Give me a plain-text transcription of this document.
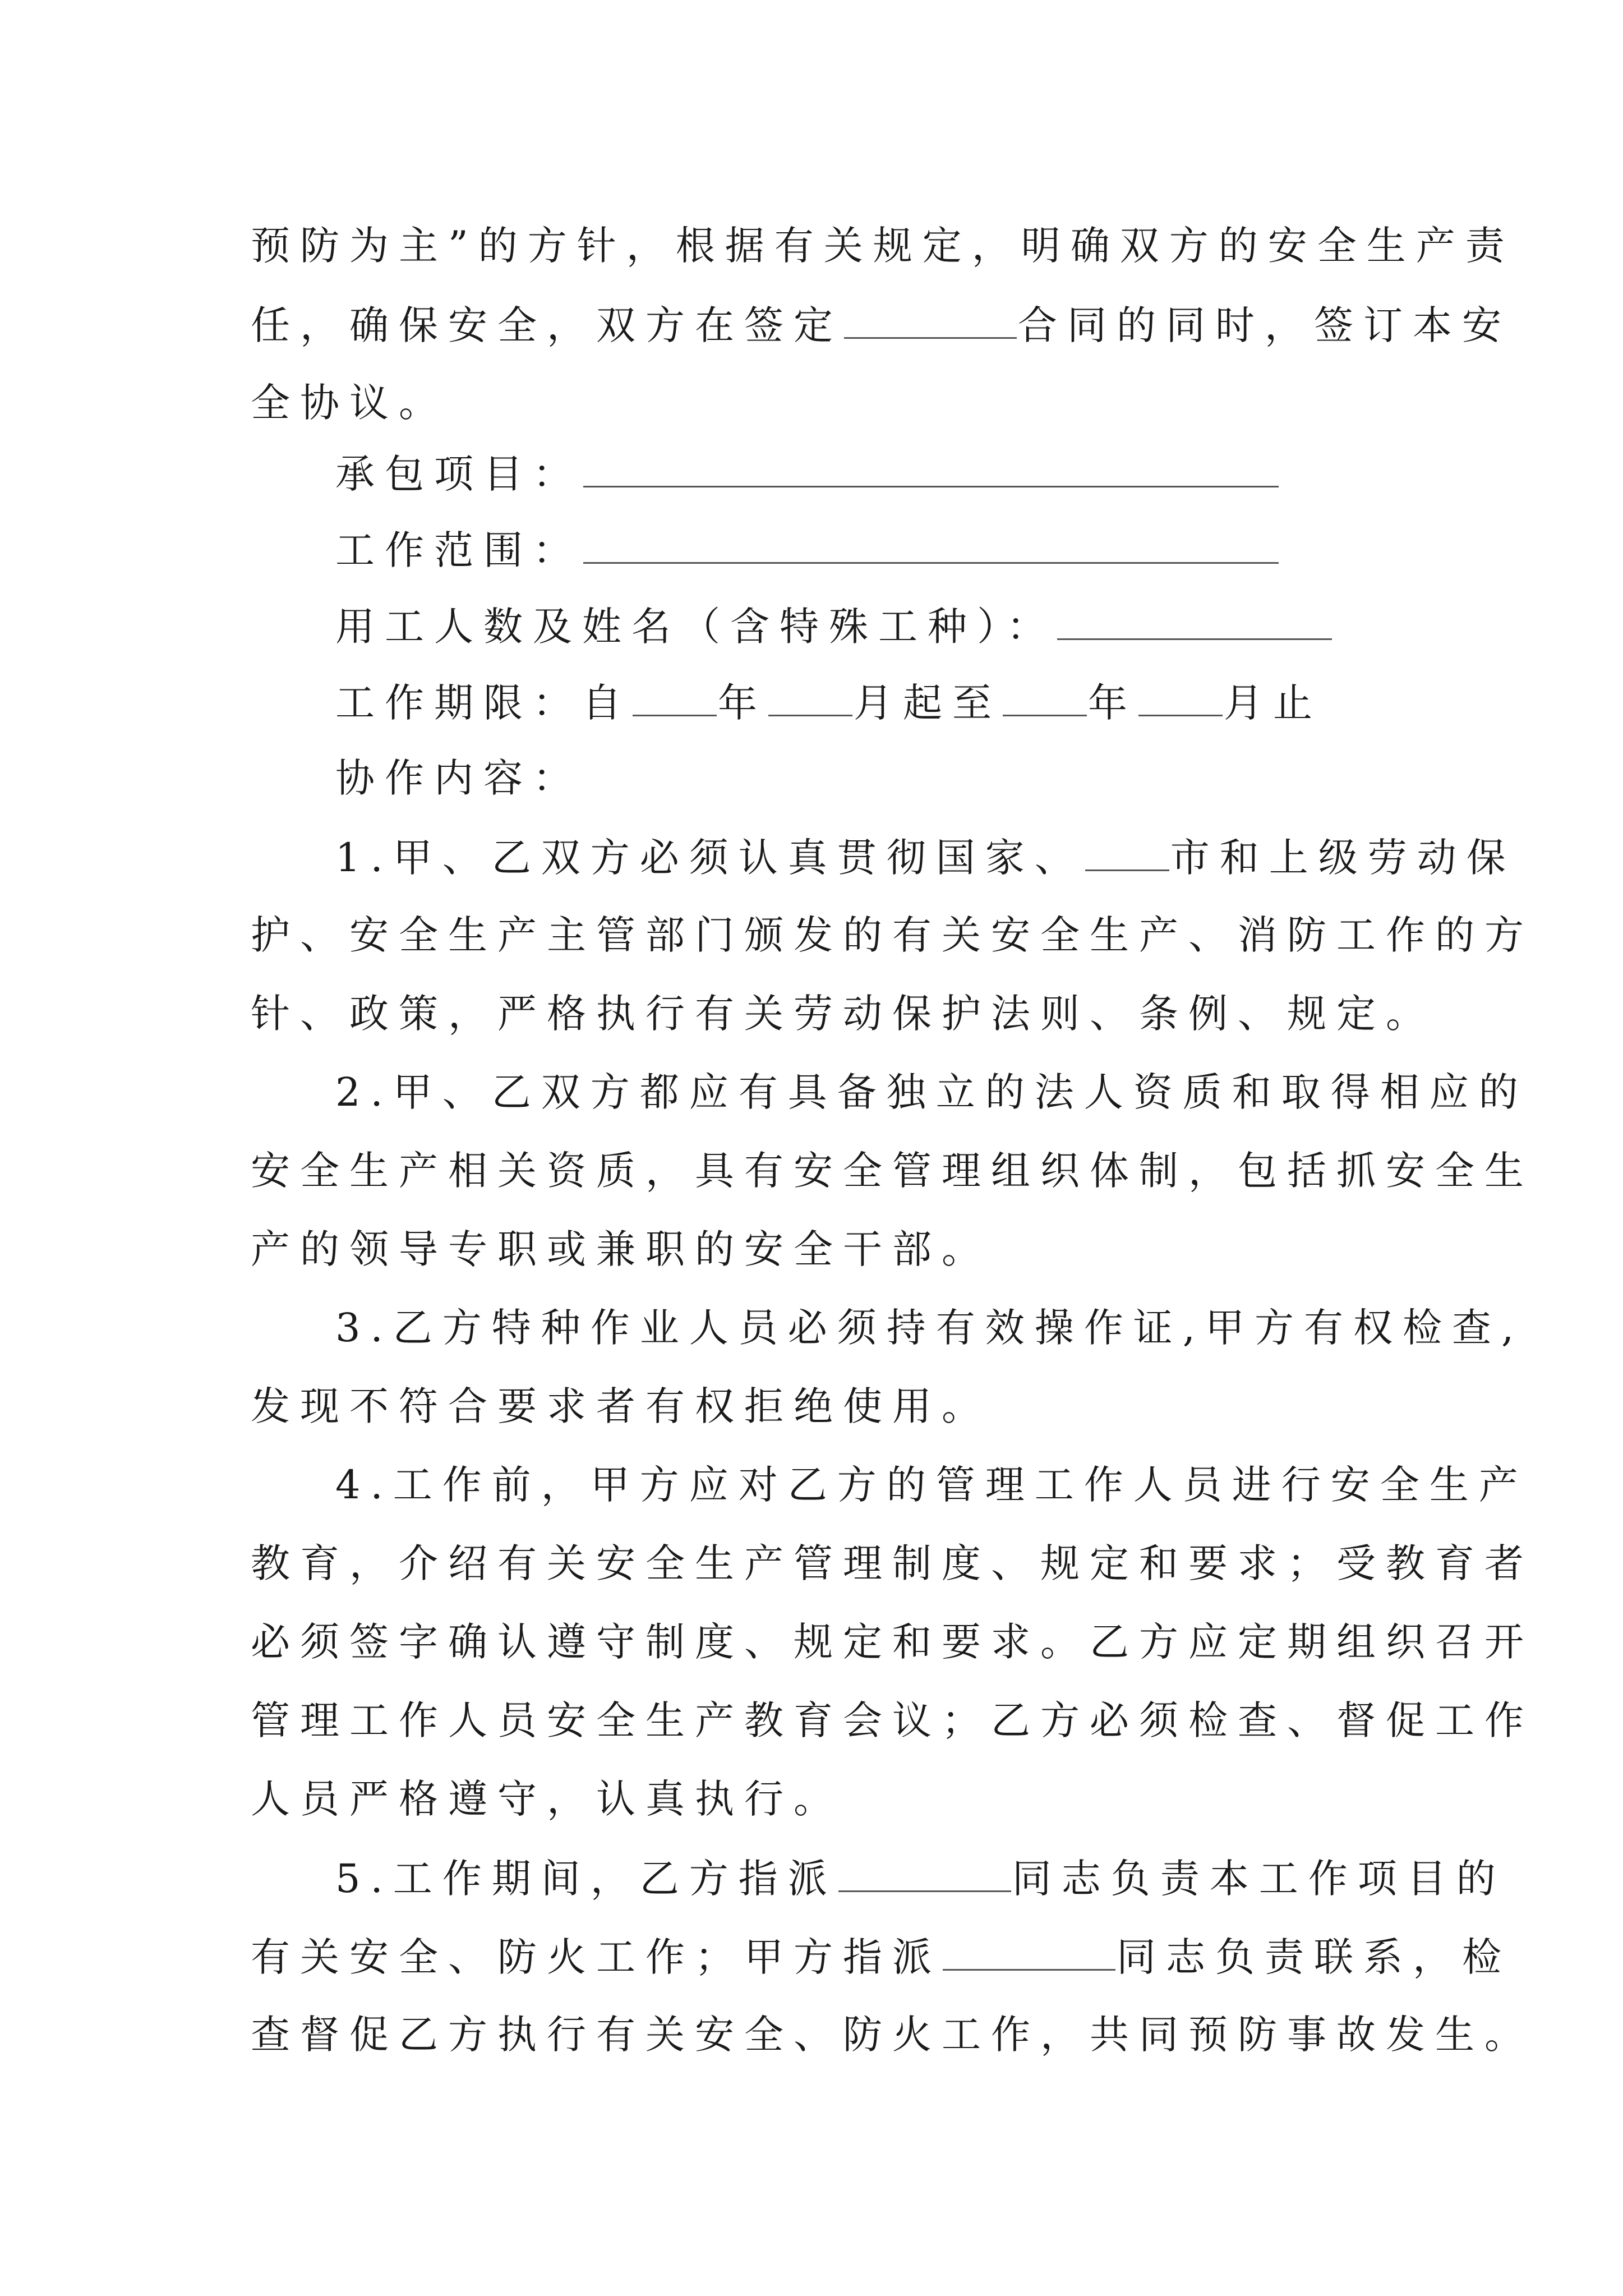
预防为主”的方针，根据有关规定，明确双方的安全生产责
任，确保安全，双方在签定	合同的同时，签订本安
全协议。
承包项目：
工作范围：
用工人数及姓名（含特殊工种）：
工作期限：自 年 月起至 年 月止
协作内容：
1.甲、乙双方必须认真贯彻国家、 市和上级劳动保
护、安全生产主管部门颁发的有关安全生产、消防工作的方
针、政策，严格执行有关劳动保护法则、条例、规定。
2.甲、乙双方都应有具备独立的法人资质和取得相应的
安全生产相关资质，具有安全管理组织体制，包括抓安全生
产的领导专职或兼职的安全干部。
3.乙方特种作业人员必须持有效操作证,甲方有权检查,
发现不符合要求者有权拒绝使用。
4.工作前，甲方应对乙方的管理工作人员进行安全生产
教育，介绍有关安全生产管理制度、规定和要求；受教育者
必须签字确认遵守制度、规定和要求。乙方应定期组织召开
管理工作人员安全生产教育会议；乙方必须检查、督促工作
人员严格遵守，认真执行。
5.工作期间，乙方指派	同志负责本工作项目的
有关安全、防火工作；甲方指派	同志负责联系，检
查督促乙方执行有关安全、防火工作，共同预防事故发生。
